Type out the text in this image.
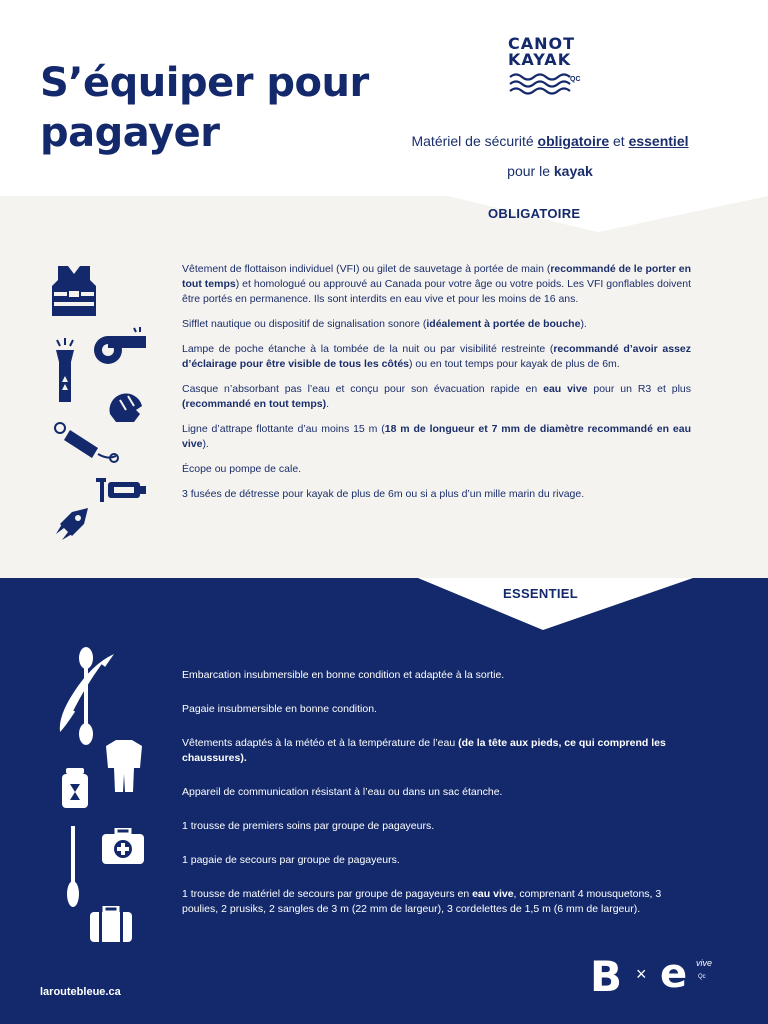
S’équiper pour
pagayer
CANOT
KAYAK
QC
Matériel de sécurité obligatoire et essentiel
pour le kayak
OBLIGATOIRE

Vêtement de flottaison individuel (VFI) ou gilet de sauvetage à portée de main (recommandé de le porter en tout temps) et homologué ou approuvé au Canada pour votre âge ou votre poids. Les VFI gonflables doivent être portés en permanence. Ils sont interdits en eau vive et pour les moins de 16 ans.

Sifflet nautique ou dispositif de signalisation sonore (idéalement à portée de bouche).

Lampe de poche étanche à la tombée de la nuit ou par visibilité restreinte (recommandé d’avoir assez d’éclairage pour être visible de tous les côtés) ou en tout temps pour kayak de plus de 6m.

Casque n’absorbant pas l’eau et conçu pour son évacuation rapide en eau vive pour un R3 et plus (recommandé en tout temps).

Ligne d’attrape flottante d’au moins 15 m (18 m de longueur et 7 mm de diamètre recommandé en eau vive).

Écope ou pompe de cale.

3 fusées de détresse pour kayak de plus de 6m ou si a plus d’un mille marin du rivage.

ESSENTIEL

Embarcation insubmersible en bonne condition et adaptée à la sortie.

Pagaie insubmersible en bonne condition.

Vêtements adaptés à la météo et à la température de l’eau (de la tête aux pieds, ce qui comprend les chaussures).

Appareil de communication résistant à l’eau ou dans un sac étanche.

1 trousse de premiers soins par groupe de pagayeurs.

1 pagaie de secours par groupe de pagayeurs.

1 trousse de matériel de secours par groupe de pagayeurs en eau vive, comprenant 4 mousquetons, 3 poulies, 2 prusiks, 2 sangles de 3 m (22 mm de largeur), 3 cordelettes de 1,5 m (6 mm de largeur).

laroutebleue.ca	B × e vive
Qc
